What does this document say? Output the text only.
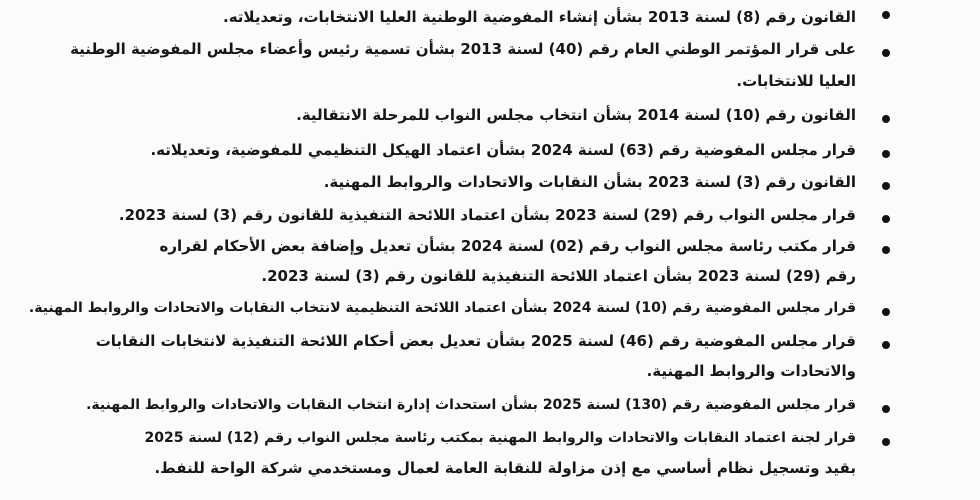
القانون رقم (8) لسنة 2013 بشأن إنشاء المفوضية الوطنية العليا الانتخابات، وتعديلاته.
على قرار المؤتمر الوطني العام رقم (40) لسنة 2013 بشأن تسمية رئيس وأعضاء مجلس المفوضية الوطنية
العليا للانتخابات.
القانون رقم (10) لسنة 2014 بشأن انتخاب مجلس النواب للمرحلة الانتقالية.
قرار مجلس المفوضية رقم (63) لسنة 2024 بشأن اعتماد الهيكل التنظيمي للمفوضية، وتعديلاته.
القانون رقم (3) لسنة 2023 بشأن النقابات والاتحادات والروابط المهنية.
قرار مجلس النواب رقم (29) لسنة 2023 بشأن اعتماد اللائحة التنفيذية للقانون رقم (3) لسنة 2023.
قرار مكتب رئاسة مجلس النواب رقم (02) لسنة 2024 بشأن تعديل وإضافة بعض الأحكام لقراره
رقم (29) لسنة 2023 بشأن اعتماد اللائحة التنفيذية للقانون رقم (3) لسنة 2023.
قرار مجلس المفوضية رقم (10) لسنة 2024 بشأن اعتماد اللائحة التنظيمية لانتخاب النقابات والاتحادات والروابط المهنية.
قرار مجلس المفوضية رقم (46) لسنة 2025 بشأن تعديل بعض أحكام اللائحة التنفيذية لانتخابات النقابات
والاتحادات والروابط المهنية.
قرار مجلس المفوضية رقم (130) لسنة 2025 بشأن استحداث إدارة انتخاب النقابات والاتحادات والروابط المهنية.
قرار لجنة اعتماد النقابات والاتحادات والروابط المهنية بمكتب رئاسة مجلس النواب رقم (12) لسنة 2025
بقيد وتسجيل نظام أساسي مع إذن مزاولة للنقابة العامة لعمال ومستخدمي شركة الواحة للنفط.
